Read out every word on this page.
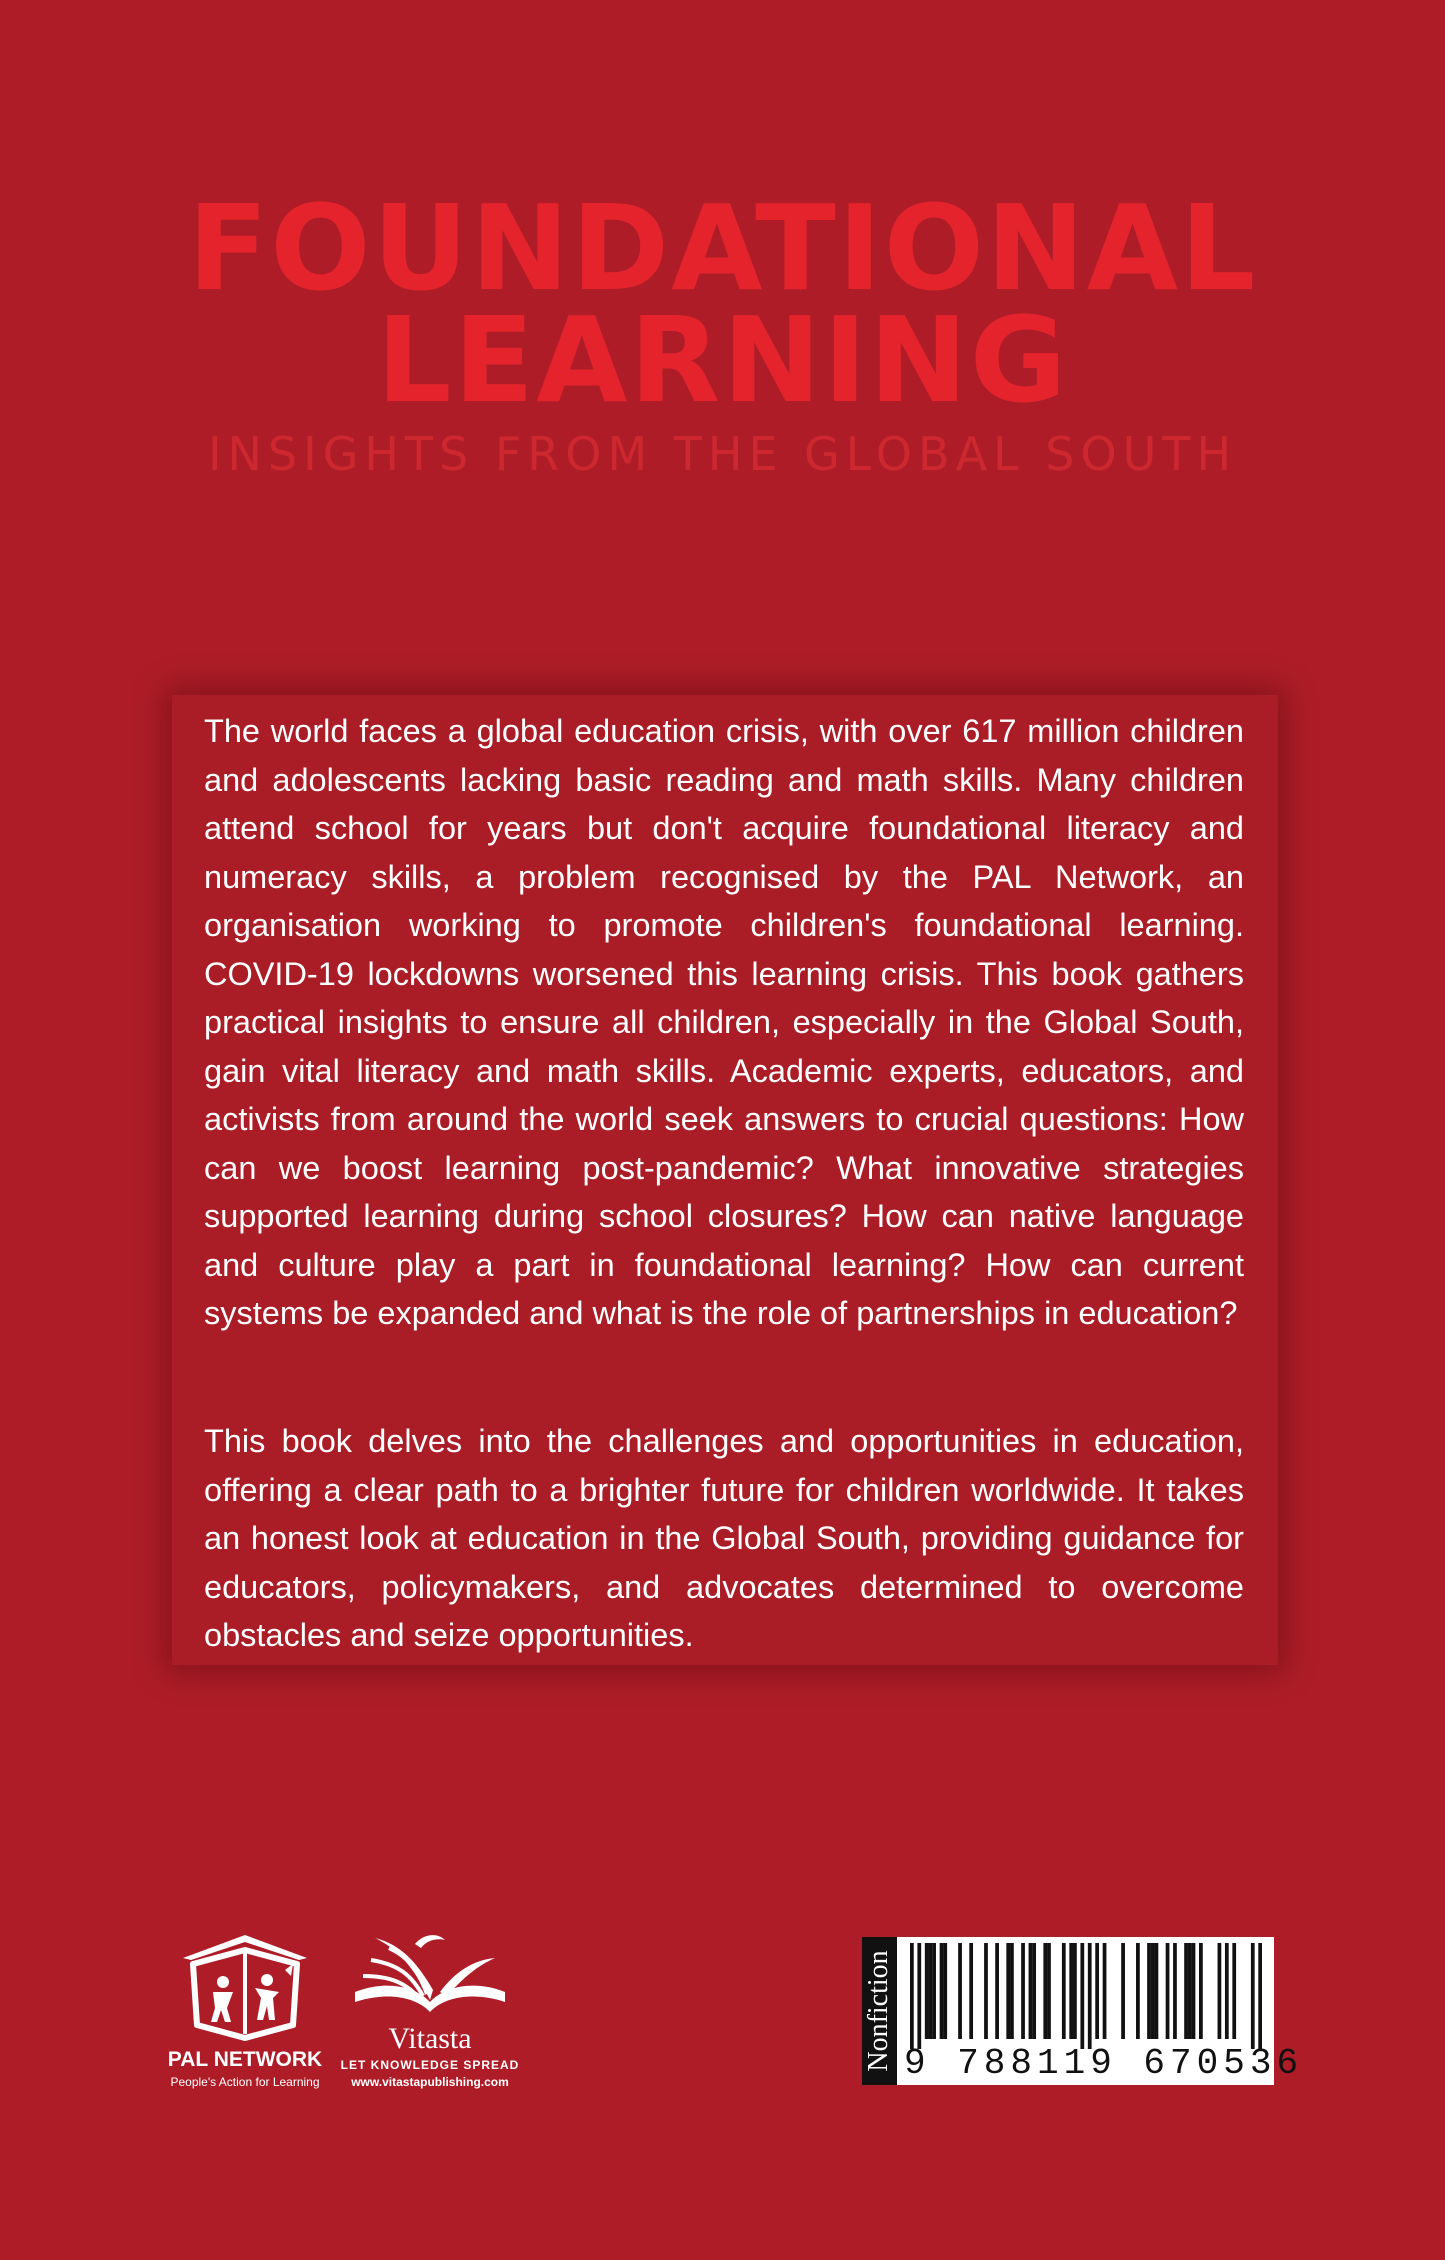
FOUNDATIONAL
LEARNING

INSIGHTS FROM THE GLOBAL SOUTH

The world faces a global education crisis, with over 617 million children and adolescents lacking basic reading and math skills. Many children attend school for years but don't acquire foundational literacy and numeracy skills, a problem recognised by the PAL Network, an organisation working to promote children's foundational learning. COVID-19 lockdowns worsened this learning crisis. This book gathers practical insights to ensure all children, especially in the Global South, gain vital literacy and math skills. Academic experts, educators, and activists from around the world seek answers to crucial questions: How can we boost learning post-pandemic? What innovative strategies supported learning during school closures? How can native language and culture play a part in foundational learning? How can current systems be expanded and what is the role of partnerships in education?

This book delves into the challenges and opportunities in education, offering a clear path to a brighter future for children worldwide. It takes an honest look at education in the Global South, providing guidance for educators, policymakers, and advocates determined to overcome obstacles and seize opportunities.

PAL NETWORK

People's Action for Learning

Vitasta

LET KNOWLEDGE SPREAD

www.vitastapublishing.com

Nonfiction 9 788119 670536
